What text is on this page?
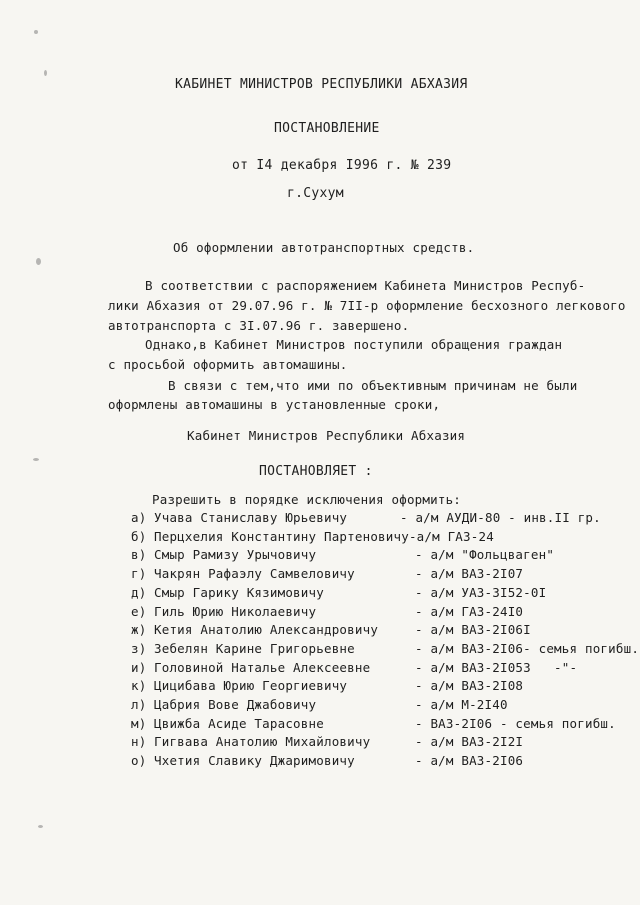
КАБИНЕТ МИНИСТРОВ РЕСПУБЛИКИ АБХАЗИЯ
ПОСТАНОВЛЕНИЕ
от I4 декабря I996 г. № 239
г.Сухум
Об оформлении автотранспортных средств.
В соответствии с распоряжением Кабинета Министров Респуб-
лики Абхазия от 29.07.96 г. № 7II-р оформление бесхозного легкового
автотранспорта с 3I.07.96 г. завершено.
Однако,в Кабинет Министров поступили обращения граждан
с просьбой оформить автомашины.
В связи с тем,что ими по объективным причинам не были
оформлены автомашины в установленные сроки,
Кабинет Министров Республики Абхазия
ПОСТАНОВЛЯЕТ :
Разрешить в порядке исключения оформить:
а) Учава Станиславу Юрьевичу	- а/м АУДИ-80 - инв.II гр.
б) Перцхелия Константину Партеновичу-а/м ГАЗ-24
в) Смыр Рамизу Урычовичу	- а/м "Фольцваген"
г) Чакрян Рафаэлу Самвеловичу	- а/м ВАЗ-2I07
д) Смыр Гарику Кязимовичу	- а/м УАЗ-3I52-0I
е) Гиль Юрию Николаевичу	- а/м ГАЗ-24I0
ж) Кетия Анатолию Александровичу	- а/м ВАЗ-2I06I
з) Зебелян Карине Григорьевне	- а/м ВАЗ-2I06- семья погибш.
и) Головиной Наталье Алексеевне	- а/м ВАЗ-2I053   -"-
к) Цицибава Юрию Георгиевичу	- а/м ВАЗ-2I08
л) Цабрия Вове Джабовичу	- а/м М-2I40
м) Цвижба Асиде Тарасовне	- ВАЗ-2I06 - семья погибш.
н) Гигвава Анатолию Михайловичу	- а/м ВАЗ-2I2I
о) Чхетия Славику Джаримовичу	- а/м ВАЗ-2I06
